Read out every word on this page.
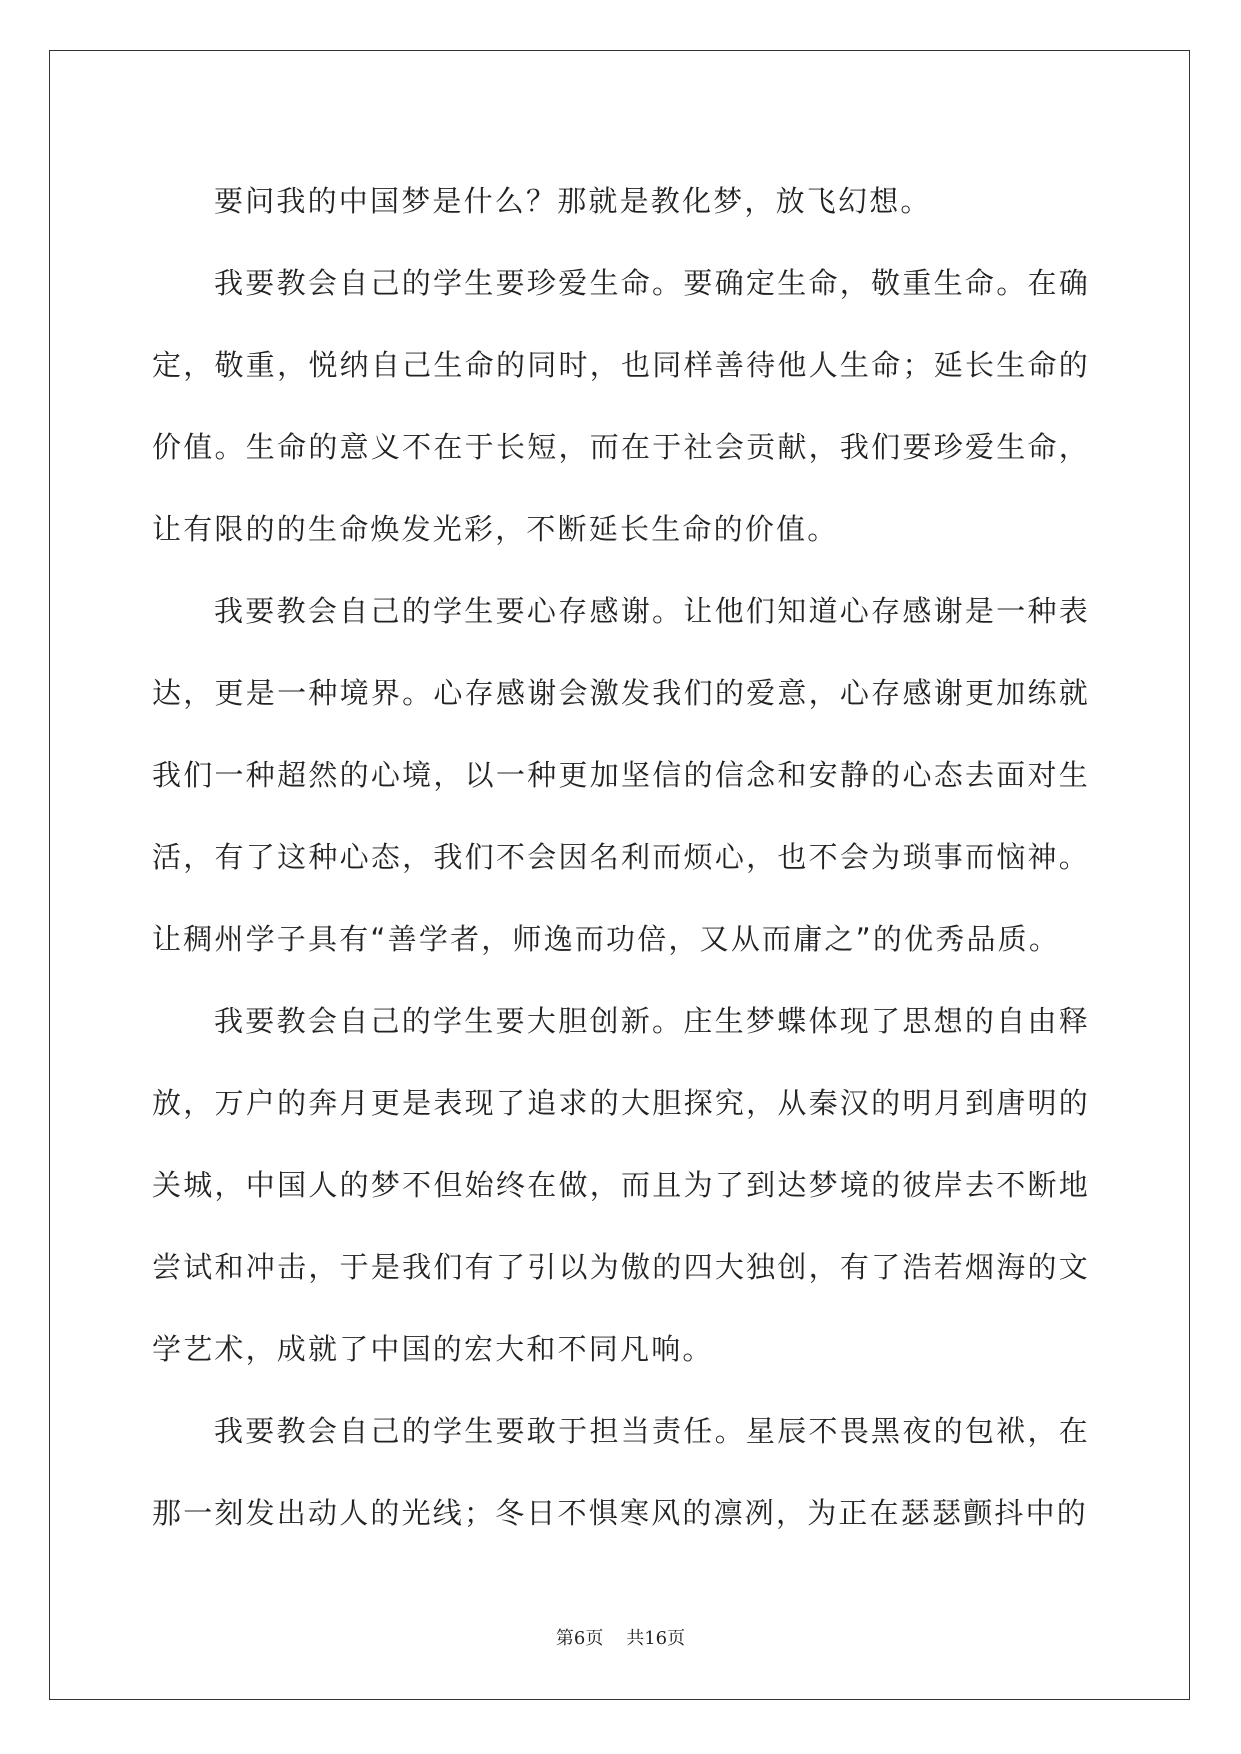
要问我的中国梦是什么？那就是教化梦，放飞幻想。

我要教会自己的学生要珍爱生命。要确定生命，敬重生命。在确定，敬重，悦纳自己生命的同时，也同样善待他人生命；延长生命的价值。生命的意义不在于长短，而在于社会贡献，我们要珍爱生命，让有限的的生命焕发光彩，不断延长生命的价值。

我要教会自己的学生要心存感谢。让他们知道心存感谢是一种表达，更是一种境界。心存感谢会激发我们的爱意，心存感谢更加练就我们一种超然的心境，以一种更加坚信的信念和安静的心态去面对生活，有了这种心态，我们不会因名利而烦心，也不会为琐事而恼神。让稠州学子具有“善学者，师逸而功倍，又从而庸之”的优秀品质。

我要教会自己的学生要大胆创新。庄生梦蝶体现了思想的自由释放，万户的奔月更是表现了追求的大胆探究，从秦汉的明月到唐明的关城，中国人的梦不但始终在做，而且为了到达梦境的彼岸去不断地尝试和冲击，于是我们有了引以为傲的四大独创，有了浩若烟海的文学艺术，成就了中国的宏大和不同凡响。

我要教会自己的学生要敢于担当责任。星辰不畏黑夜的包袱，在那一刻发出动人的光线；冬日不惧寒风的凛冽，为正在瑟瑟颤抖中的

第6页    共16页
